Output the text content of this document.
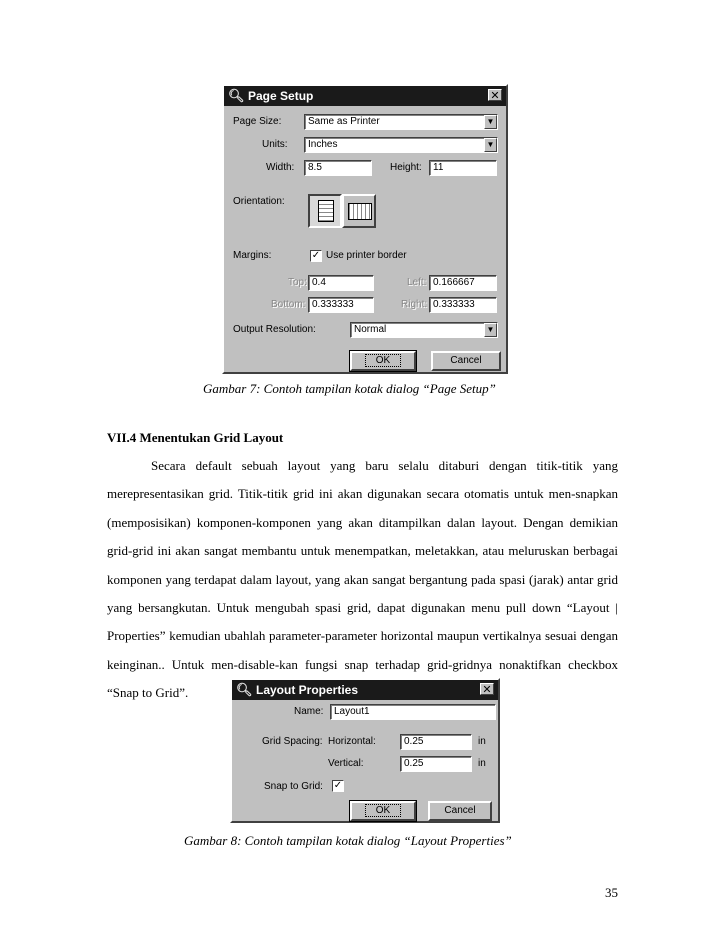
🔍︎ Page Setup	✕
Page Size:	Same as Printer	▼
Units:	Inches	▼
Width:	8.5	Height:	11
Orientation:
Margins:	✓ Use printer border
Top: 0.4	Left: 0.166667
Bottom: 0.333333	Right: 0.333333
Output Resolution:	Normal	▼
OK	Cancel
Gambar 7: Contoh tampilan kotak dialog “Page Setup”
VII.4 Menentukan Grid Layout
Secara default sebuah layout yang baru selalu ditaburi dengan titik-titik yang merepresentasikan grid. Titik-titik grid ini akan digunakan secara otomatis untuk men-snapkan (memposisikan) komponen-komponen yang akan ditampilkan dalan layout. Dengan demikian grid-grid ini akan sangat membantu untuk menempatkan, meletakkan, atau meluruskan berbagai komponen yang terdapat dalam layout, yang akan sangat bergantung pada spasi (jarak) antar grid yang bersangkutan. Untuk mengubah spasi grid, dapat digunakan menu pull down “Layout | Properties” kemudian ubahlah parameter-parameter horizontal maupun vertikalnya sesuai dengan keinginan.. Untuk men-disable-kan fungsi snap terhadap grid-gridnya nonaktifkan checkbox “Snap to Grid”.	🔍︎ Layout Properties	✕
Name:	Layout1
Grid Spacing: Horizontal:	0.25	in
Vertical:	0.25	in
Snap to Grid: ✓
OK	Cancel
Gambar 8: Contoh tampilan kotak dialog “Layout Properties”
35
